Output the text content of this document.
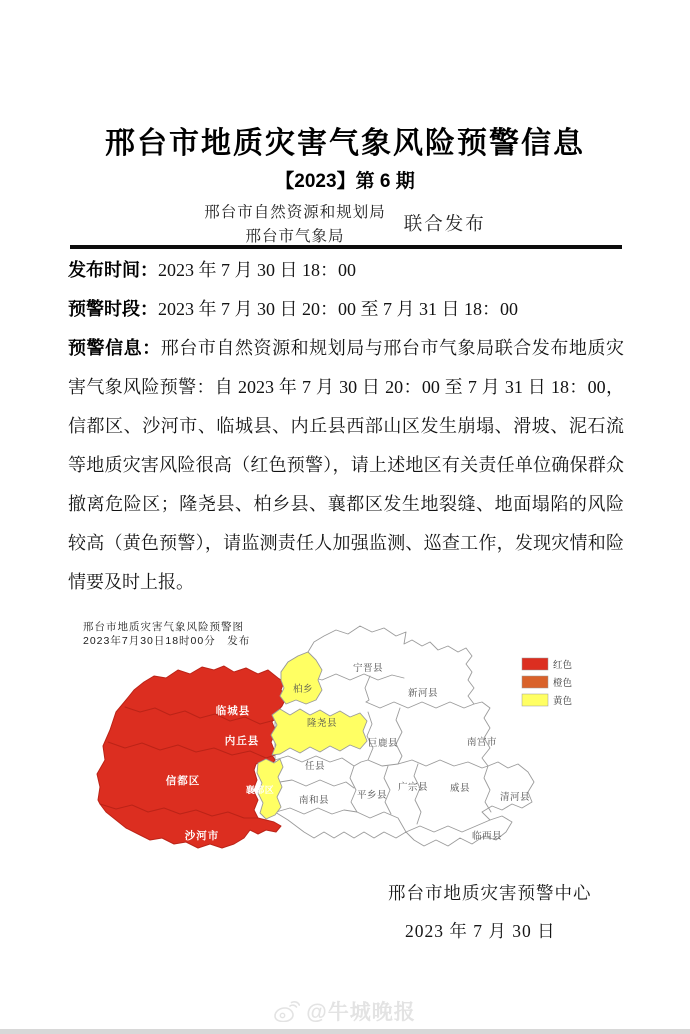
邢台市地质灾害气象风险预警信息
【2023】第 6 期
邢台市自然资源和规划局
邢台市气象局
联合发布

发布时间：2023 年 7 月 30 日 18：00

预警时段：2023 年 7 月 30 日 20：00 至 7 月 31 日 18：00

预警信息：邢台市自然资源和规划局与邢台市气象局联合发布地质灾害气象风险预警：自 2023 年 7 月 30 日 20：00 至 7 月 31 日 18：00，信都区、沙河市、临城县、内丘县西部山区发生崩塌、滑坡、泥石流等地质灾害风险很高（红色预警），请上述地区有关责任单位确保群众撤离危险区；隆尧县、柏乡县、襄都区发生地裂缝、地面塌陷的风险较高（黄色预警），请监测责任人加强监测、巡查工作，发现灾情和险情要及时上报。

邢台市地质灾害气象风险预警图
2023年7月30日18时00分　发布
临城县
内丘县
信都区
沙河市
柏乡
隆尧县
襄都区
宁晋县
新河县
巨鹿县	南宫市
任县
南和县	平乡县
广宗县 威县
清河县
临西县
红色
橙色
黄色
邢台市地质灾害预警中心
2023 年 7 月 30 日
@牛城晚报
